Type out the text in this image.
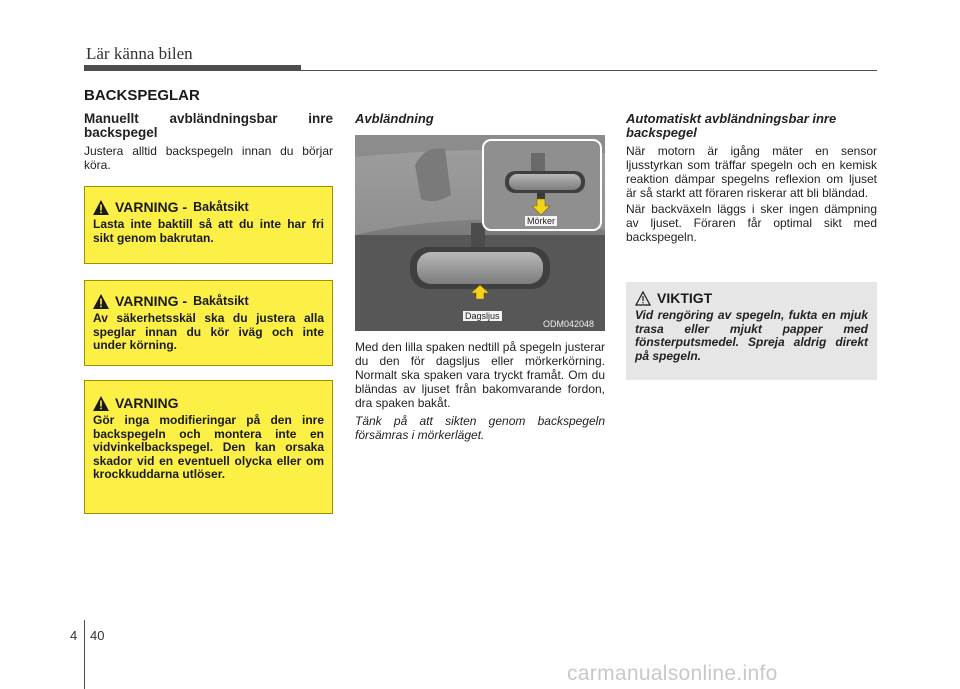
Lär känna bilen
BACKSPEGLAR
Manuellt avbländningsbar inre backspegel

Justera alltid backspegeln innan du börjar köra.

VARNING - Bakåtsikt
Lasta inte baktill så att du inte har fri sikt genom bakrutan.
VARNING - Bakåtsikt
Av säkerhetsskäl ska du justera alla speglar innan du kör iväg och inte under körning.
VARNING
Gör inga modifieringar på den inre backspegeln och montera inte en vidvinkelbackspegel. Den kan orsaka skador vid en eventuell olycka eller om krockkuddarna utlöser.
Avbländning
Mörker
Dagsljus
ODM042048

Med den lilla spaken nedtill på spegeln justerar du den för dagsljus eller mörkerkörning. Normalt ska spaken vara tryckt framåt. Om du bländas av ljuset från bakomvarande fordon, dra spaken bakåt.

Tänk på att sikten genom backspegeln försämras i mörkerläget.

Automatiskt avbländningsbar inre backspegel

När motorn är igång mäter en sensor ljusstyrkan som träffar spegeln och en kemisk reaktion dämpar spegelns reflexion om ljuset är så starkt att föraren riskerar att bli bländad.

När backväxeln läggs i sker ingen dämpning av ljuset. Föraren får optimal sikt med backspegeln.

VIKTIGT
Vid rengöring av spegeln, fukta en mjuk trasa eller mjukt papper med fönsterputsmedel. Spreja aldrig direkt på spegeln.
4 40
carmanualsonline.info
